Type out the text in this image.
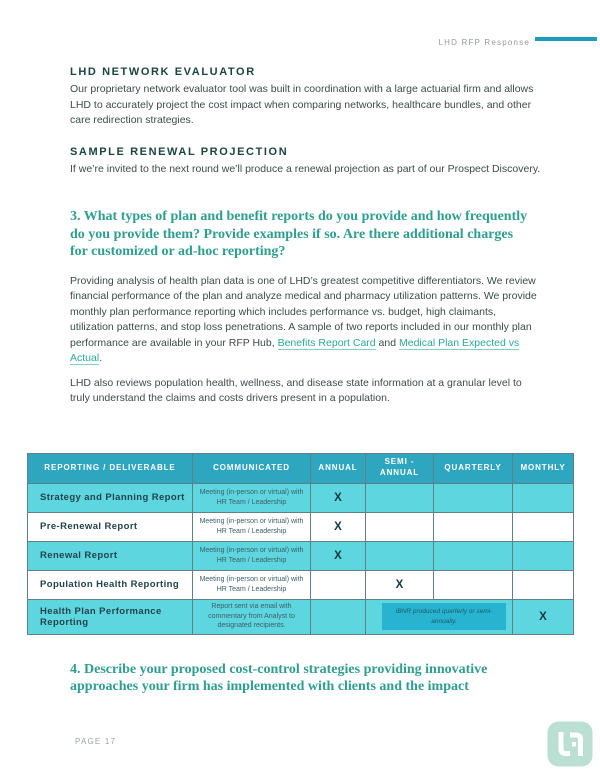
LHD RFP Response
LHD NETWORK EVALUATOR

Our proprietary network evaluator tool was built in coordination with a large actuarial firm and allows LHD to accurately project the cost impact when comparing networks, healthcare bundles, and other care redirection strategies.

SAMPLE RENEWAL PROJECTION

If we’re invited to the next round we’ll produce a renewal projection as part of our Prospect Discovery.

3. What types of plan and benefit reports do you provide and how frequently do you provide them? Provide examples if so. Are there additional charges for customized or ad-hoc reporting?

Providing analysis of health plan data is one of LHD’s greatest competitive differentiators. We review financial performance of the plan and analyze medical and pharmacy utilization patterns. We provide monthly plan performance reporting which includes performance vs. budget, high claimants, utilization patterns, and stop loss penetrations. A sample of two reports included in our monthly plan performance are available in your RFP Hub, Benefits Report Card and Medical Plan Expected vs Actual.

LHD also reviews population health, wellness, and disease state information at a granular level to truly understand the claims and costs drivers present in a population.

REPORTING / DELIVERABLE	COMMUNICATED	ANNUAL	SEMI - ANNUAL	QUARTERLY	MONTHLY
Strategy and Planning Report	Meeting (in-person or virtual) with HR Team / Leadership	X			
Pre-Renewal Report	Meeting (in-person or virtual) with HR Team / Leadership	X			
Renewal Report	Meeting (in-person or virtual) with HR Team / Leadership	X			
Population Health Reporting	Meeting (in-person or virtual) with HR Team / Leadership		X		
Health Plan Performance Reporting	Report sent via email with commentary from Analyst to designated recipients.		IBNR produced quarterly or semi-annually.		X
4. Describe your proposed cost-control strategies providing innovative approaches your firm has implemented with clients and the impact
PAGE 17
